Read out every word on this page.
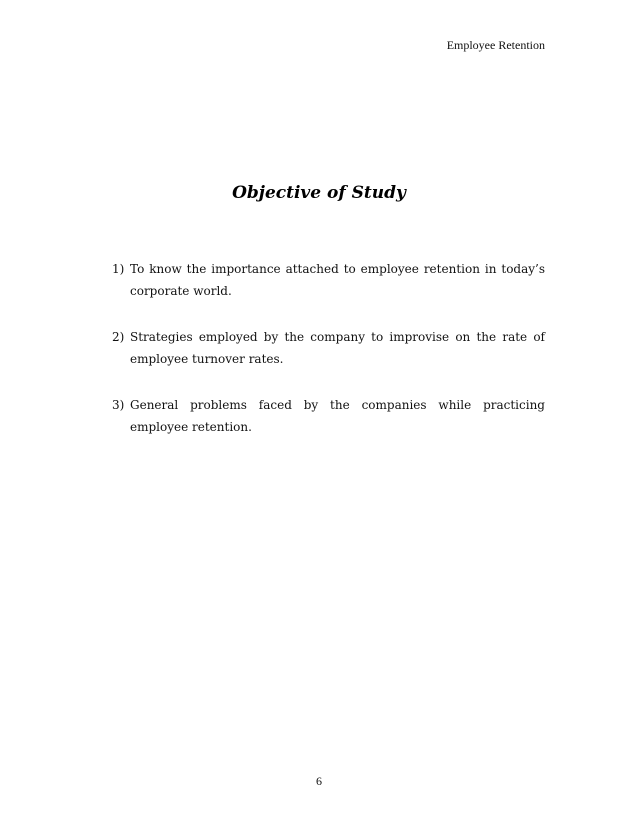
Employee Retention
Objective of Study
1) To know the importance attached to employee retention in today’s corporate world.
2) Strategies employed by the company to improvise on the rate of employee turnover rates.
3) General problems faced by the companies while practicing employee retention.
6
